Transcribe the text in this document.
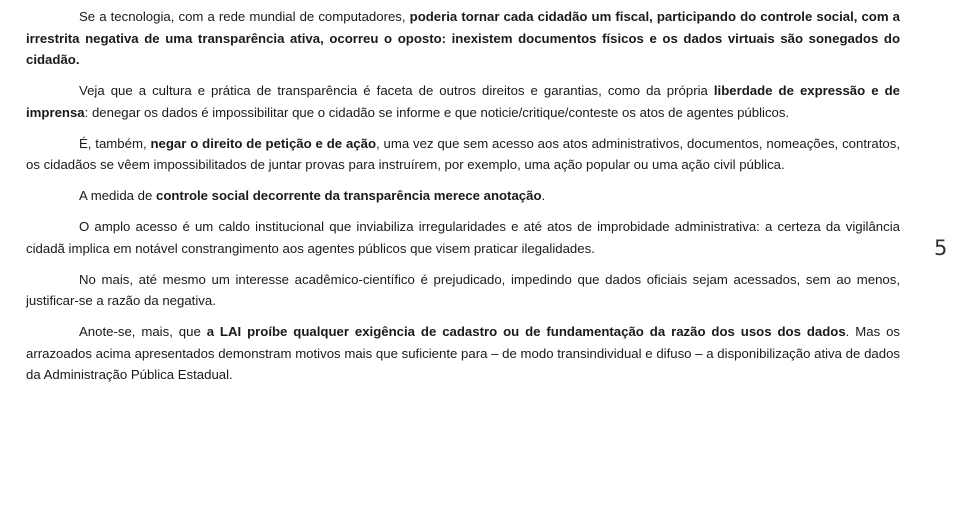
Se a tecnologia, com a rede mundial de computadores, poderia tornar cada cidadão um fiscal, participando do controle social, com a irrestrita negativa de uma transparência ativa, ocorreu o oposto: inexistem documentos físicos e os dados virtuais são sonegados do cidadão.

Veja que a cultura e prática de transparência é faceta de outros direitos e garantias, como da própria liberdade de expressão e de imprensa: denegar os dados é impossibilitar que o cidadão se informe e que noticie/critique/conteste os atos de agentes públicos.

É, também, negar o direito de petição e de ação, uma vez que sem acesso aos atos administrativos, documentos, nomeações, contratos, os cidadãos se vêem impossibilitados de juntar provas para instruírem, por exemplo, uma ação popular ou uma ação civil pública.

A medida de controle social decorrente da transparência merece anotação.

O amplo acesso é um caldo institucional que inviabiliza irregularidades e até atos de improbidade administrativa: a certeza da vigilância cidadã implica em notável constrangimento aos agentes públicos que visem praticar ilegalidades.

No mais, até mesmo um interesse acadêmico-científico é prejudicado, impedindo que dados oficiais sejam acessados, sem ao menos, justificar-se a razão da negativa.

Anote-se, mais, que a LAI proíbe qualquer exigência de cadastro ou de fundamentação da razão dos usos dos dados. Mas os arrazoados acima apresentados demonstram motivos mais que suficiente para – de modo transindividual e difuso – a disponibilização ativa de dados da Administração Pública Estadual.

5
